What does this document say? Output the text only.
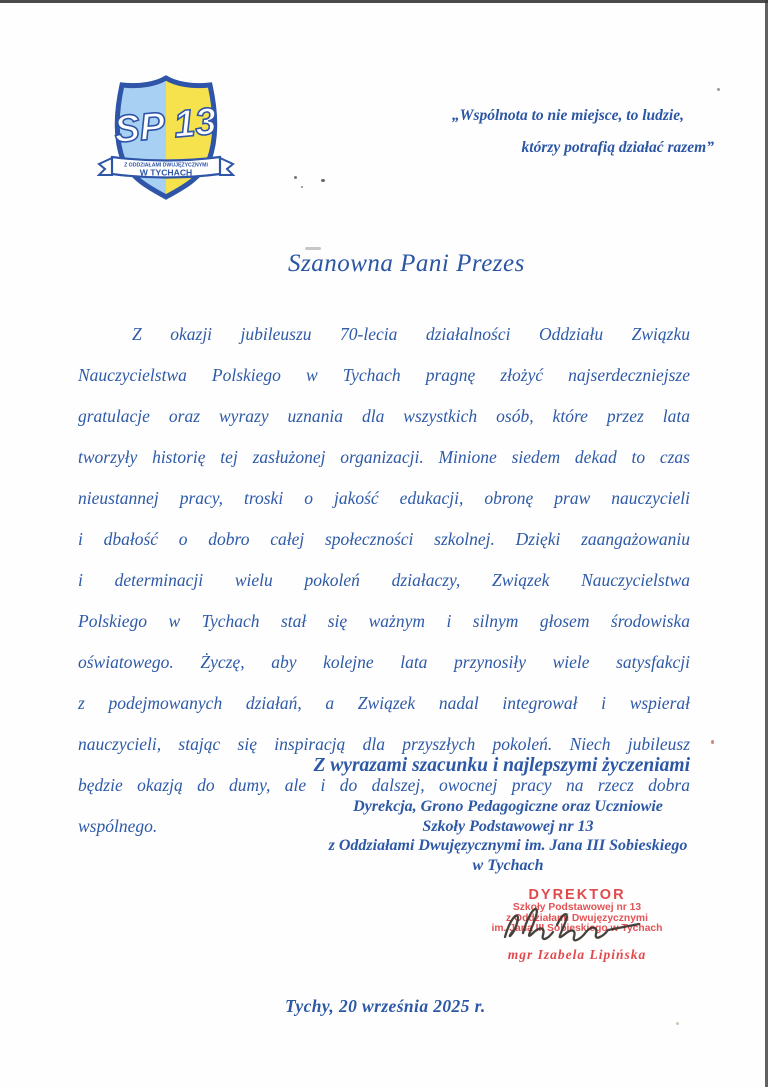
SP 13
Z ODDZIAŁAMI DWUJĘZYCZNYMI
W TYCHACH
„Wspólnota to nie miejsce, to ludzie,
którzy potrafią działać razem”
Szanowna Pani Prezes
Z okazji jubileuszu 70-lecia działalności Oddziału Związku
Nauczycielstwa Polskiego w Tychach pragnę złożyć najserdeczniejsze
gratulacje oraz wyrazy uznania dla wszystkich osób, które przez lata
tworzyły historię tej zasłużonej organizacji. Minione siedem dekad to czas
nieustannej pracy, troski o jakość edukacji, obronę praw nauczycieli
i dbałość o dobro całej społeczności szkolnej. Dzięki zaangażowaniu
i determinacji wielu pokoleń działaczy, Związek Nauczycielstwa
Polskiego w Tychach stał się ważnym i silnym głosem środowiska
oświatowego. Życzę, aby kolejne lata przynosiły wiele satysfakcji
z podejmowanych działań, a Związek nadal integrował i wspierał
nauczycieli, stając się inspiracją dla przyszłych pokoleń. Niech jubileusz
będzie okazją do dumy, ale i do dalszej, owocnej pracy na rzecz dobra
wspólnego.
Z wyrazami szacunku i najlepszymi życzeniami
Dyrekcja, Grono Pedagogiczne oraz Uczniowie
Szkoły Podstawowej nr 13
z Oddziałami Dwujęzycznymi im. Jana III Sobieskiego
w Tychach
DYREKTOR
Szkoły Podstawowej nr 13
z Oddziałami Dwujęzycznymi
im. Jana III Sobieskiego w Tychach
mgr Izabela Lipińska
Tychy, 20 września 2025 r.
